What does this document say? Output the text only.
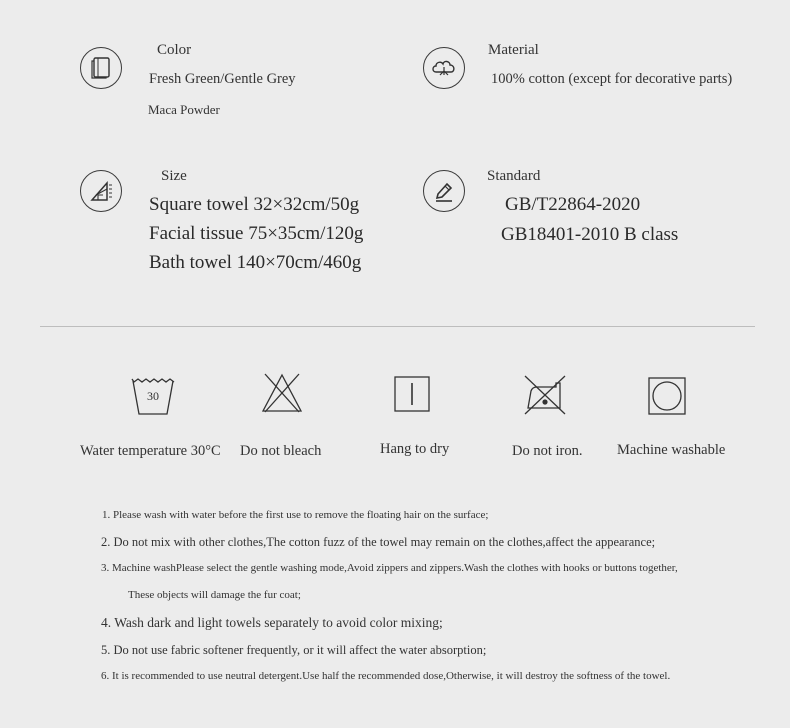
Color
Fresh Green/Gentle Grey
Maca Powder
Material
100% cotton (except for decorative parts)
Size
Square towel 32×32cm/50g
Facial tissue 75×35cm/120g
Bath towel 140×70cm/460g
Standard
GB/T22864-2020
GB18401-2010 B class
30
Water temperature 30°C Do not bleach	Hang to dry	Do not iron. Machine washable
1. Please wash with water before the first use to remove the floating hair on the surface;
2. Do not mix with other clothes,The cotton fuzz of the towel may remain on the clothes,affect the appearance;
3. Machine washPlease select the gentle washing mode,Avoid zippers and zippers.Wash the clothes with hooks or buttons together,
These objects will damage the fur coat;
4. Wash dark and light towels separately to avoid color mixing;
5. Do not use fabric softener frequently, or it will affect the water absorption;
6. It is recommended to use neutral detergent.Use half the recommended dose,Otherwise, it will destroy the softness of the towel.
